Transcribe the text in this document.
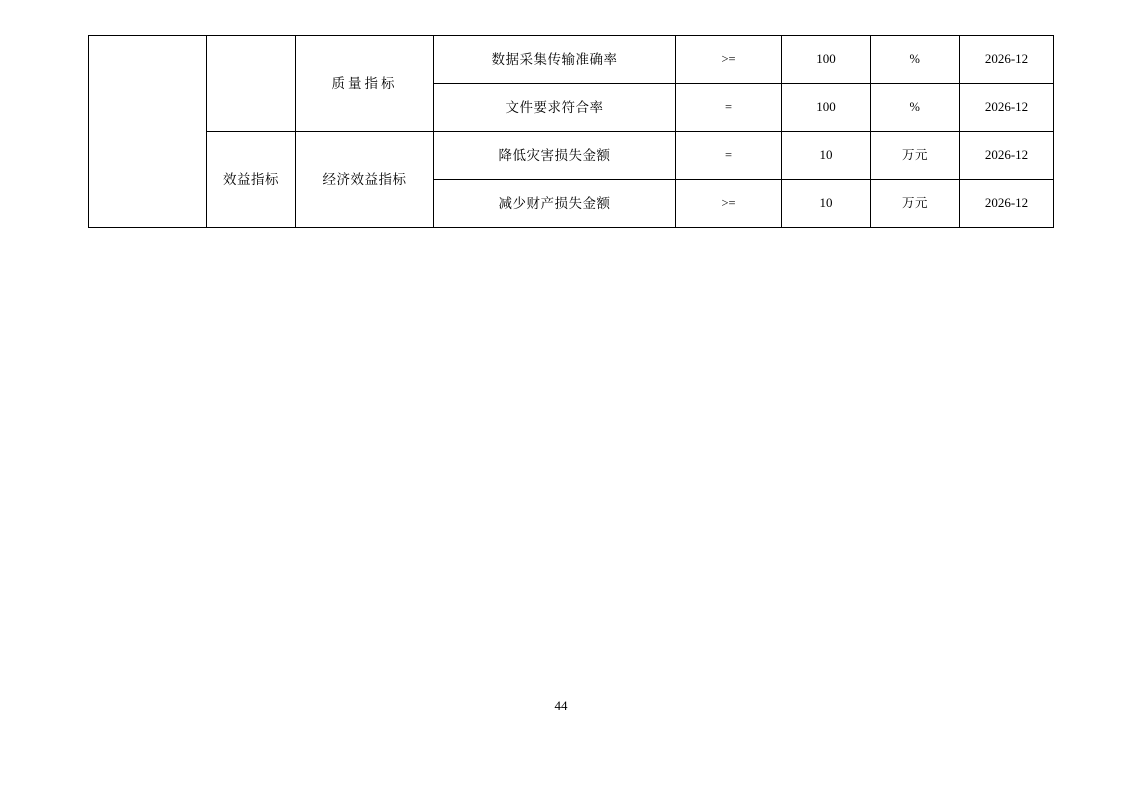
		质量指标	数据采集传输准确率	>=	100	%	2026-12

			文件要求符合率	=	100	%	2026-12

	效益指标	经济效益指标	降低灾害损失金额	=	10	万元	2026-12

			减少财产损失金额	>=	10	万元	2026-12
44
